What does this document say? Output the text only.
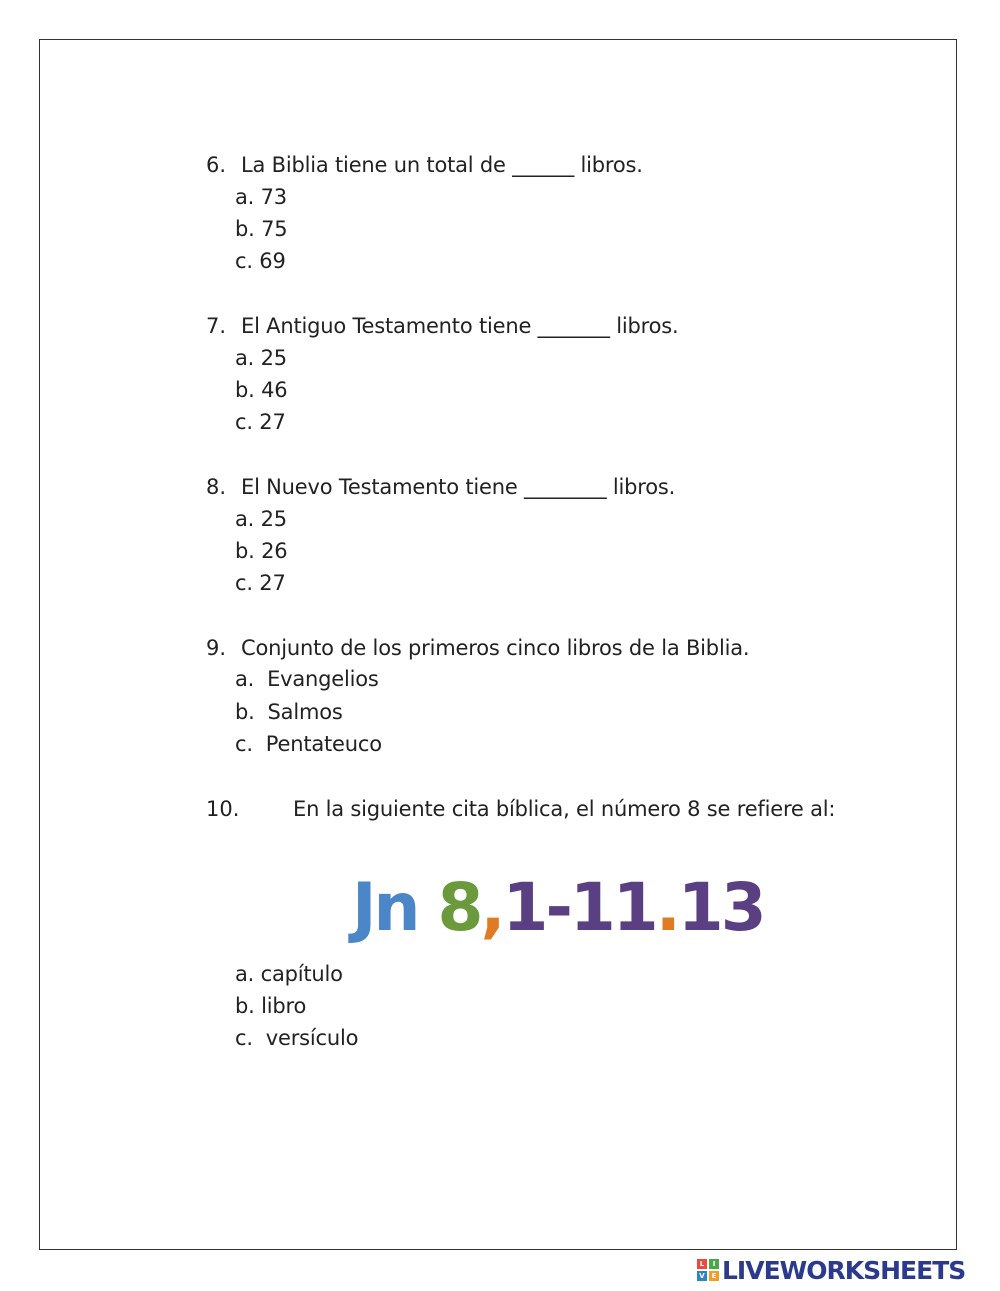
6. La Biblia tiene un total de ______ libros.
a. 73
b. 75
c. 69
7. El Antiguo Testamento tiene _______ libros.
a. 25
b. 46
c. 27
8. El Nuevo Testamento tiene ________ libros.
a. 25
b. 26
c. 27
9. Conjunto de los primeros cinco libros de la Biblia.
a.  Evangelios
b.  Salmos
c.  Pentateuco
10.	En la siguiente cita bíblica, el número 8 se refiere al:
Jn 8,1-11.13
a. capítulo
b. libro
c.  versículo
L	I
V E LIVEWORKSHEETS
